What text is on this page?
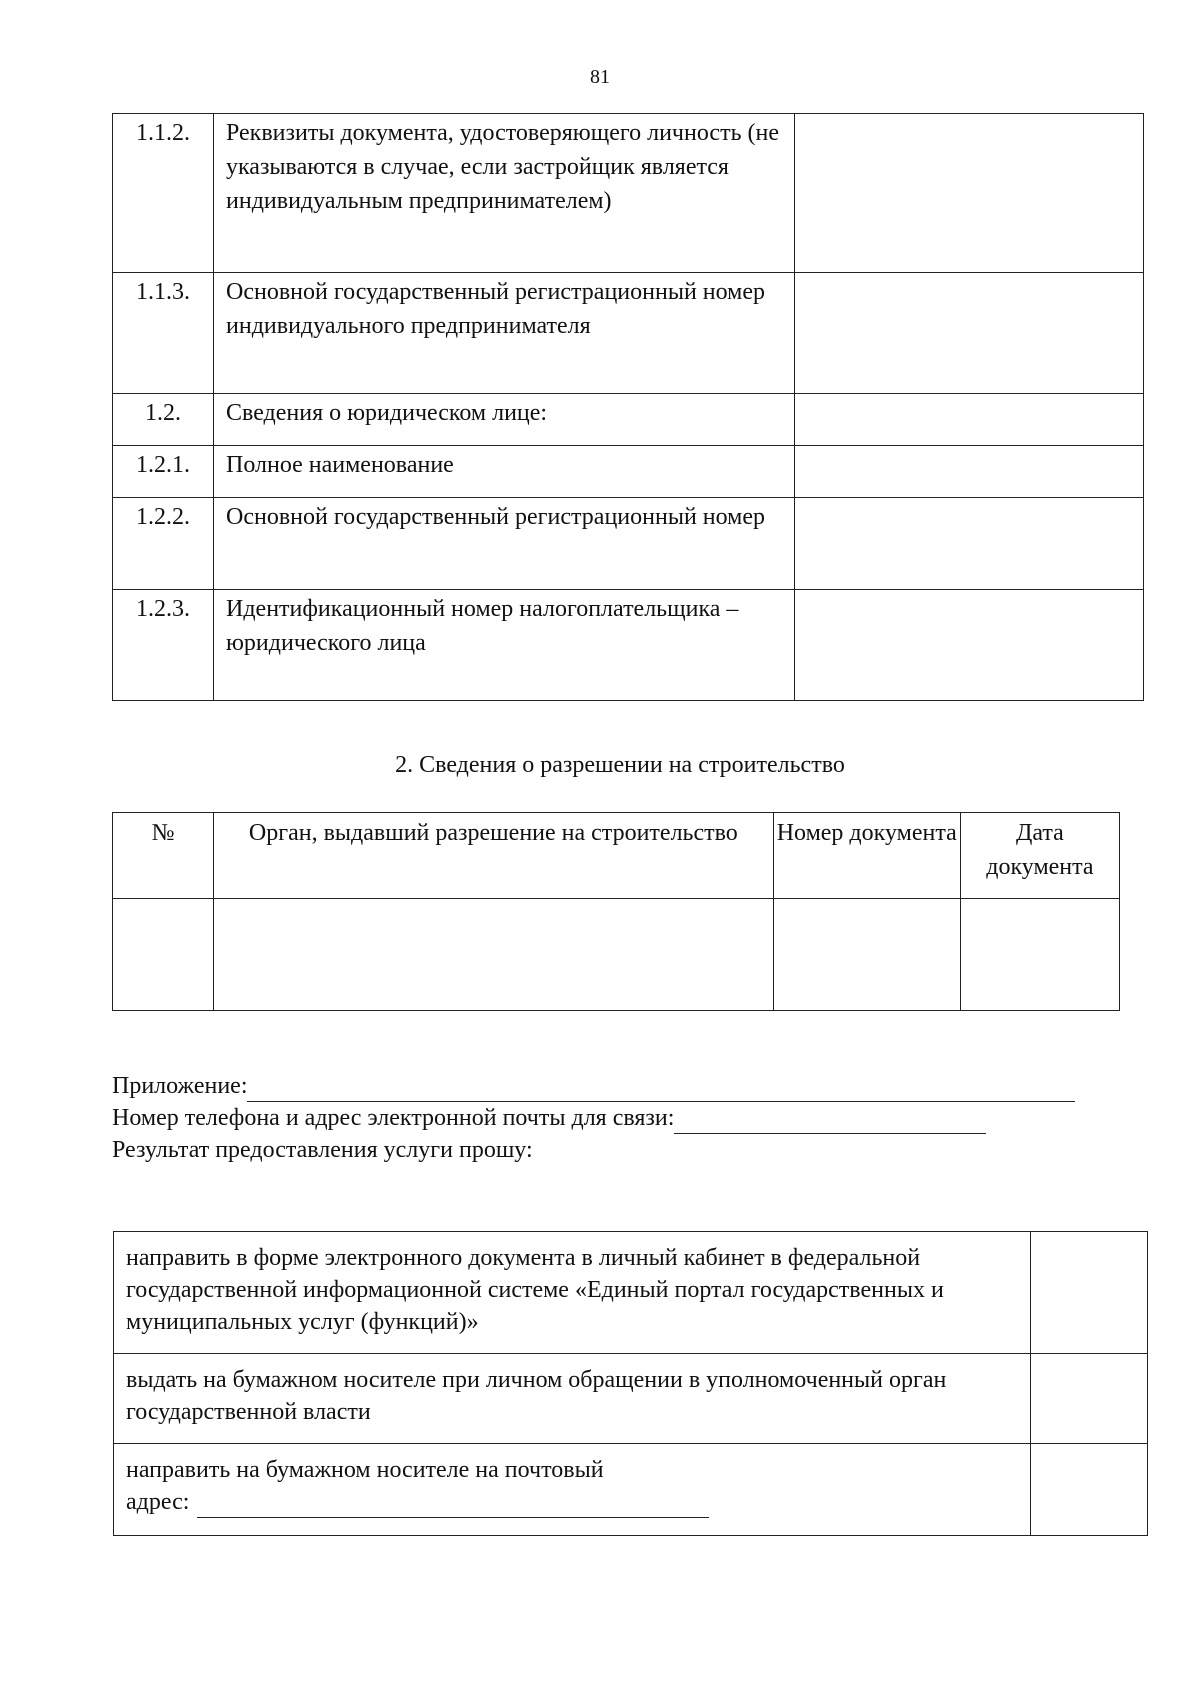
81
1.1.2.	Реквизиты документа, удостоверяющего личность (не указываются в случае, если застройщик является индивидуальным предпринимателем)	
1.1.3.	Основной государственный регистрационный номер индивидуального предпринимателя	
1.2.	Сведения о юридическом лице:	
1.2.1.	Полное наименование	
1.2.2.	Основной государственный регистрационный номер	
1.2.3.	Идентификационный номер налогоплательщика – юридического лица	
2. Сведения о разрешении на строительство
№	Орган, выдавший разрешение на строительство	Номер документа	Дата документа

Приложение:
Номер телефона и адрес электронной почты для связи:
Результат предоставления услуги прошу:
направить в форме электронного документа в личный кабинет в федеральной государственной информационной системе «Единый портал государственных и муниципальных услуг (функций)»	
выдать на бумажном носителе при личном обращении в уполномоченный орган государственной власти	

направить на бумажном носителе на почтовый
адрес:	
